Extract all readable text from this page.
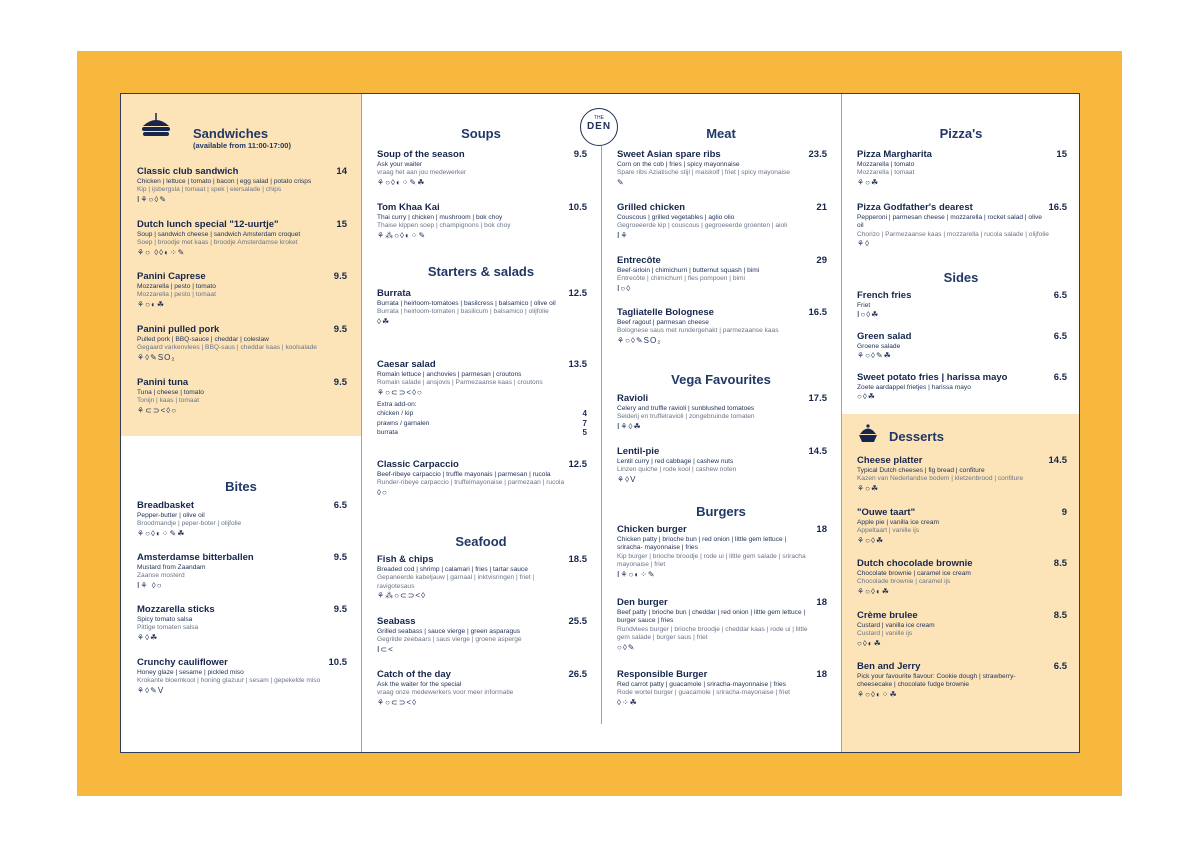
Sandwiches
(available from 11:00-17:00)
Classic club sandwich	14
Chicken | lettuce | tomato | bacon | egg salad | potato crisps
Kip | ijsbergsla | tomaat | spek | eiersalade | chips
Ⅰ⚘○◊✎
Dutch lunch special "12-uurtje"	15
Soup | sandwich cheese | sandwich Amsterdam croquet
Soep | broodje met kaas | broodje Amsterdamse kroket
⚘○ ◊◊◐⁘✎
Panini Caprese	9.5
Mozzarella | pesto | tomato
Mozzarella | pesto | tomaat
⚘○◐☘
Panini pulled pork	9.5
Pulled pork | BBQ-sauce | cheddar | coleslaw
Gegaard varkenvlees | BBQ-saus | cheddar kaas | koolsalade
⚘◊✎SO₂
Panini tuna	9.5
Tuna | cheese | tomato
Tonijn | kaas | tomaat
⚘⊂⊃<◊○
Bites
Breadbasket	6.5
Pepper-butter | olive oil
Broodmandje | peper-boter | olijfolie
⚘○◊◐⁘✎☘
Amsterdamse bitterballen	9.5
Mustard from Zaandam
Zaanse mosterd
Ⅰ⚘ ◊○
Mozzarella sticks	9.5
Spicy tomato salsa
Pittige tomaten salsa
⚘◊☘
Crunchy cauliflower	10.5
Honey glaze | sesame | pickled miso
Krokante bloemkool | honing glazuur | sesam | gepekelde miso
⚘◊✎V
Soups
Soup of the season	9.5
Ask your waiter
vraag het aan jou medewerker
⚘○◊◐⁘✎☘
Tom Khaa Kai	10.5
Thai curry | chicken | mushroom | bok choy
Thaise kippen soep | champignons | bok choy
⚘⁂○◊◐⁘✎
Starters & salads
Burrata	12.5
Burrata | heirloom-tomatoes | basilcress | balsamico | olive oil
Burrata | heirloom-tomaten | basilicum | balsamico | olijfolie
◊☘
Caesar salad	13.5
Romain lettuce | anchovies | parmesan | croutons
Romain salade | ansjovis | Parmezaanse kaas | croutons
⚘○⊂⊃<◊○
Extra add-on:
chicken / kip	4
prawns / garnalen	7
burrata	5
Classic Carpaccio	12.5
Beef-ribeye carpaccio | truffle mayonais | parmesan | rucola
Runder-ribeye carpaccio | truffelmayonaise | parmezaan | rucola
◊○
Seafood
Fish & chips	18.5
Breaded cod | shrimp | calamari | fries | tartar sauce
Gepaneerde kabeljauw | garnaal | inktvisringen | friet | ravigotesaus
⚘⁂○⊂⊃<◊
Seabass	25.5
Grilled seabass | sauce vierge | green asparagus
Gegrilde zeebaars | saus vierge | groene asperge
Ⅰ⊂<
Catch of the day	26.5
Ask the waiter for the special
vraag onze medewerkers voor meer informatie
⚘○⊂⊃<◊
Meat
Sweet Asian spare ribs	23.5
Corn on the cob | fries | spicy mayonnaise
Spare ribs Aziatische stijl | maiskolf | friet | spicy mayonaise
✎
Grilled chicken	21
Couscous | grilled vegetables | aglio olio
Gegroeeerde kip | couscous | gegroeeerde groenten | aioli
Ⅰ⚘
Entrecôte	29
Beef-sirloin | chimichurri | butternut squash | bimi
Entrecôte | chimichurri | fles pompoen | bimi
Ⅰ○◊
Tagliatelle Bolognese	16.5
Beef ragout | parmesan cheese
Bolognese saus met rundergehakt | parmezaanse kaas
⚘○◊✎SO₂
Vega Favourites
Ravioli	17.5
Celery and truffle ravioli | sunblushed tomatoes
Selderij en truffelravioli | zongebruinde tomaten
Ⅰ⚘◊☘
Lentil-pie	14.5
Lentil curry | red cabbage | cashew nuts
Linzen quiche | rode kool | cashew noten
⚘◊V
Burgers
Chicken burger	18
Chicken patty | brioche bun | red onion | little gem lettuce | sriracha- mayonnaise | fries
Kip burger | brioche broodje | rode ui | little gem salade | sriracha mayonaise | friet
Ⅰ⚘○◐⁘✎
Den burger	18
Beef patty | brioche bun | cheddar | red onion | little gem lettuce | burger sauce | fries
Rundvlees burger | brioche broodje | cheddar kaas | rode ui | little gem salade | burger saus | friet
○◊✎
Responsible Burger	18
Red carrot patty | guacamole | sriracha-mayonnaise | fries
Rode wortel burger | guacamole | sriracha-mayonaise | friet
◊⁘☘
Pizza's
Pizza Margharita	15
Mozzarella | tomato
Mozzarella | tomaat
⚘○☘
Pizza Godfather's dearest	16.5
Pepperoni | parmesan cheese | mozzarella | rocket salad | olive oil
Chorizo | Parmezaanse kaas | mozzarella | rucola salade | olijfolie
⚘◊
Sides
French fries	6.5
Friet
Ⅰ○◊☘
Green salad	6.5
Groene salade
⚘○◊✎☘
Sweet potato fries | harissa mayo	6.5
Zoete aardappel frietjes | harissa mayo
○◊☘
Desserts
Cheese platter	14.5
Typical Dutch cheeses | fig bread | confiture
Kazen van Nederlandse bodem | kletzenbrood | confiture
⚘○☘
"Ouwe taart"	9
Apple pie | vanilla ice cream
Appeltaart | vanille ijs
⚘○◊☘
Dutch chocolade brownie	8.5
Chocolate brownie | caramel ice cream
Chocolade brownie | caramel ijs
⚘○◊◐☘
Crème brulee	8.5
Custard | vanilla ice cream
Custard | vanille ijs
○◊◐☘
Ben and Jerry	6.5
Pick your favourite flavour: Cookie dough | strawberry-cheesecake | chocolate fudge brownie
⚘○◊◐⁘☘
THE
DEN
